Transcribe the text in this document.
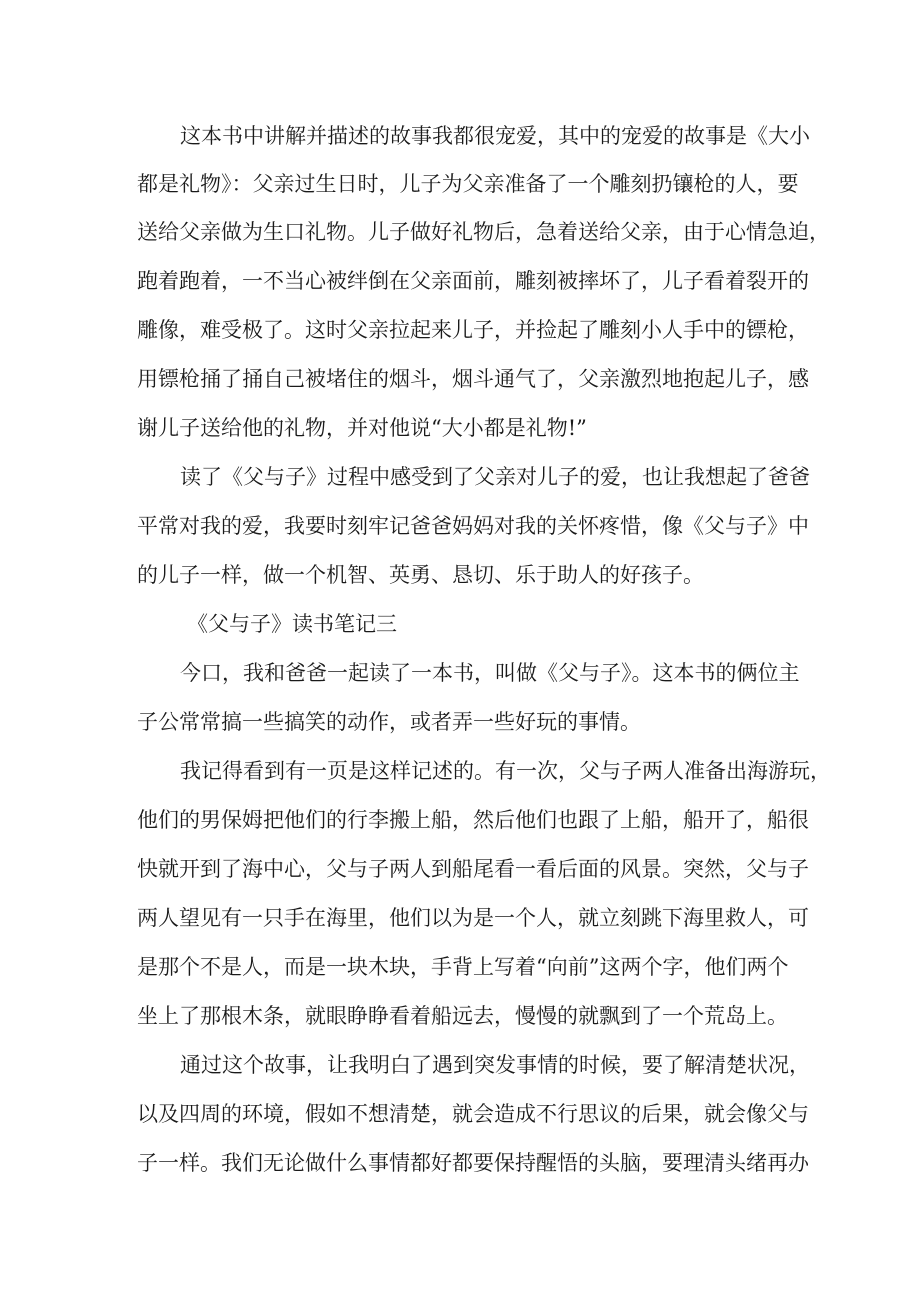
这本书中讲解并描述的故事我都很宠爱，其中的宠爱的故事是《大小
都是礼物》：父亲过生日时，儿子为父亲准备了一个雕刻扔镶枪的人，要
送给父亲做为生口礼物。儿子做好礼物后，急着送给父亲，由于心情急迫，
跑着跑着，一不当心被绊倒在父亲面前，雕刻被摔坏了，儿子看着裂开的
雕像，难受极了。这时父亲拉起来儿子，并捡起了雕刻小人手中的镖枪，
用镖枪捅了捅自己被堵住的烟斗，烟斗通气了，父亲激烈地抱起儿子，感
谢儿子送给他的礼物，并对他说“大小都是礼物!”
读了《父与子》过程中感受到了父亲对儿子的爱，也让我想起了爸爸
平常对我的爱，我要时刻牢记爸爸妈妈对我的关怀疼惜，像《父与子》中
的儿子一样，做一个机智、英勇、恳切、乐于助人的好孩子。
《父与子》读书笔记三
今口，我和爸爸一起读了一本书，叫做《父与子》。这本书的俩位主
子公常常搞一些搞笑的动作，或者弄一些好玩的事情。
我记得看到有一页是这样记述的。有一次，父与子两人准备出海游玩，
他们的男保姆把他们的行李搬上船，然后他们也跟了上船，船开了，船很
快就开到了海中心，父与子两人到船尾看一看后面的风景。突然，父与子
两人望见有一只手在海里，他们以为是一个人，就立刻跳下海里救人，可
是那个不是人，而是一块木块，手背上写着“向前”这两个字，他们两个
坐上了那根木条，就眼睁睁看着船远去，慢慢的就飘到了一个荒岛上。
通过这个故事，让我明白了遇到突发事情的时候，要了解清楚状况，
以及四周的环境，假如不想清楚，就会造成不行思议的后果，就会像父与
子一样。我们无论做什么事情都好都要保持醒悟的头脑，要理清头绪再办
